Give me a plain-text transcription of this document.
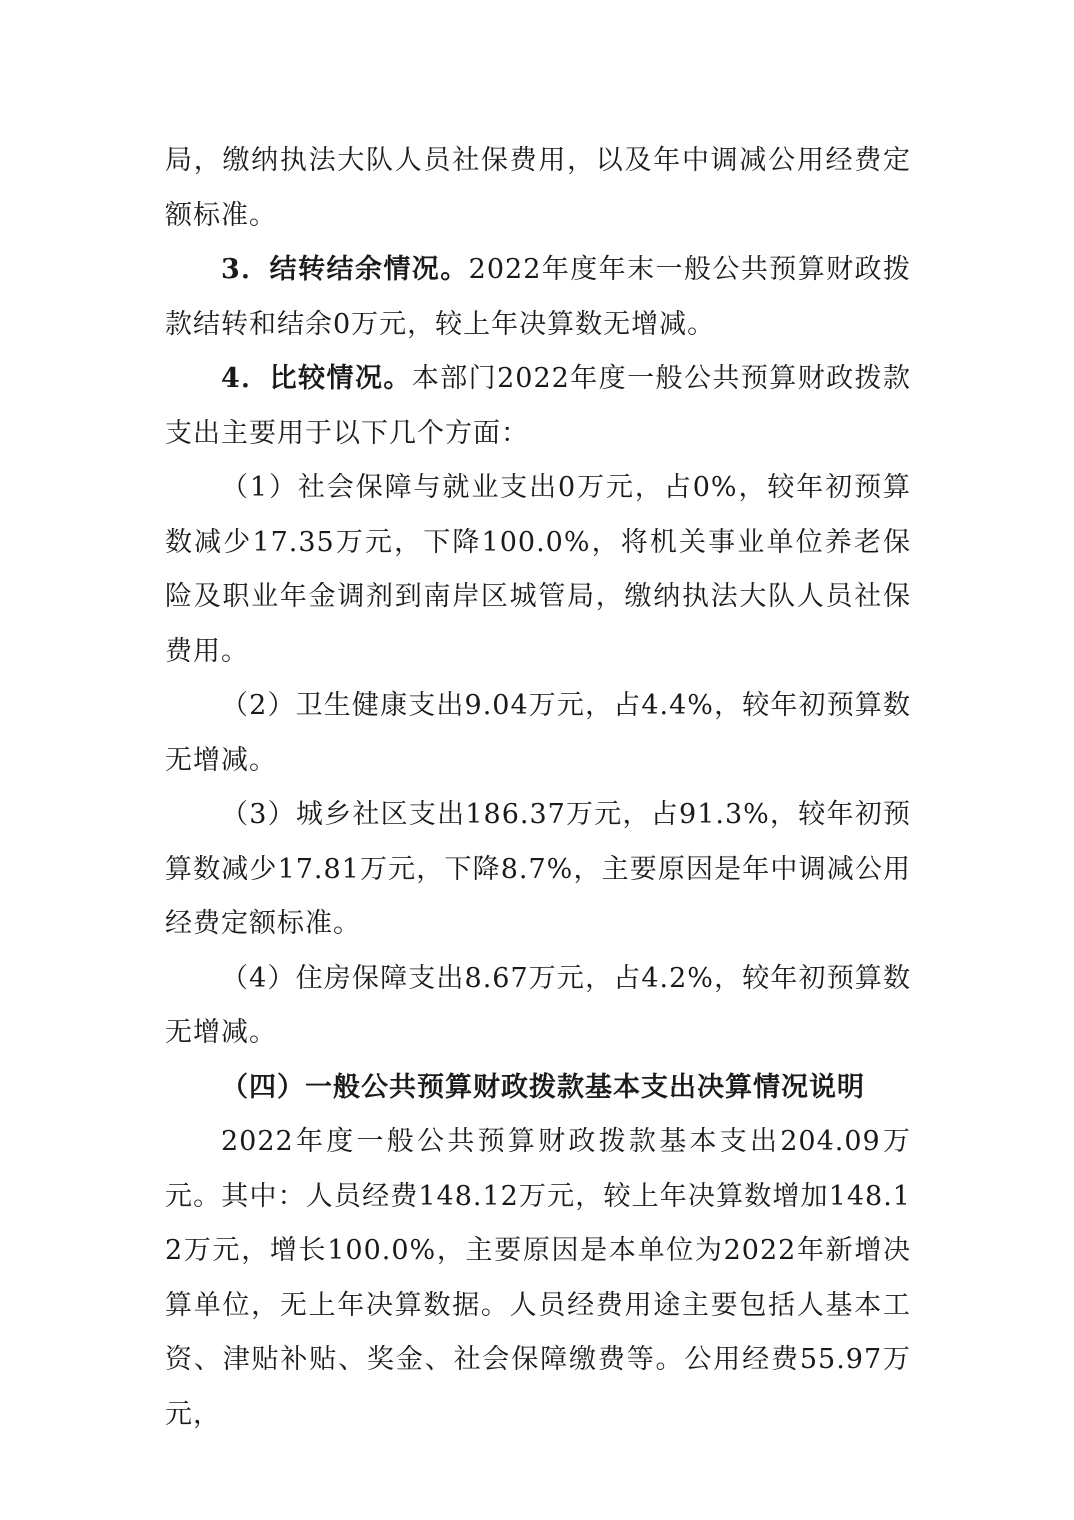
局，缴纳执法大队人员社保费用，以及年中调减公用经费定额标准。

3．结转结余情况。2022年度年末一般公共预算财政拨款结转和结余0万元，较上年决算数无增减。

4．比较情况。本部门2022年度一般公共预算财政拨款支出主要用于以下几个方面：

（1）社会保障与就业支出0万元，占0%，较年初预算数减少17.35万元，下降100.0%，将机关事业单位养老保险及职业年金调剂到南岸区城管局，缴纳执法大队人员社保费用。

（2）卫生健康支出9.04万元，占4.4%，较年初预算数无增减。

（3）城乡社区支出186.37万元，占91.3%，较年初预算数减少17.81万元，下降8.7%，主要原因是年中调减公用经费定额标准。

（4）住房保障支出8.67万元，占4.2%，较年初预算数无增减。

（四）一般公共预算财政拨款基本支出决算情况说明

2022年度一般公共预算财政拨款基本支出204.09万元。其中：人员经费148.12万元，较上年决算数增加148.12万元，增长100.0%，主要原因是本单位为2022年新增决算单位，无上年决算数据。人员经费用途主要包括人基本工资、津贴补贴、奖金、社会保障缴费等。公用经费55.97万元，
